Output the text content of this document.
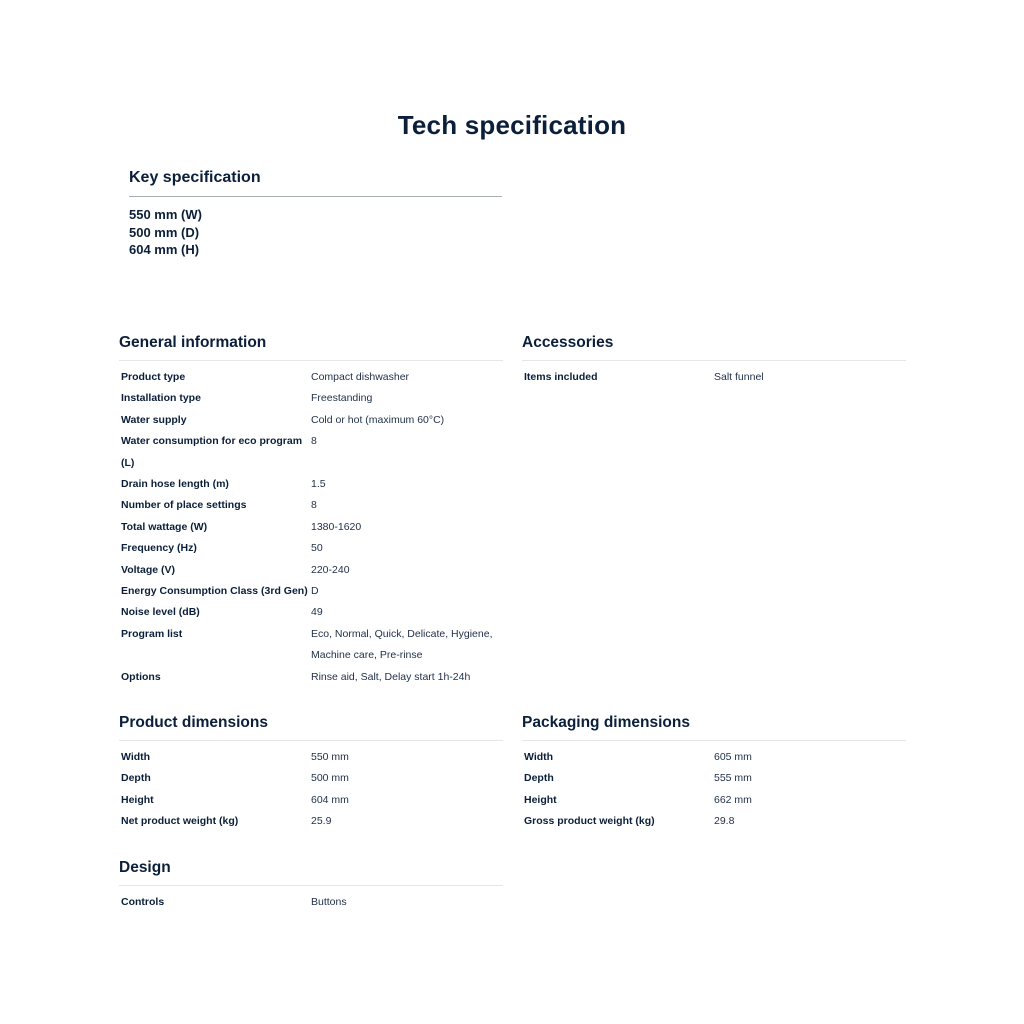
Tech specification
Key specification
550 mm (W)
500 mm (D)
604 mm (H)
General information
Product type	Compact dishwasher
Installation type	Freestanding
Water supply	Cold or hot (maximum 60°C)
Water consumption for eco program (L)	8
Drain hose length (m)	1.5
Number of place settings	8
Total wattage (W)	1380-1620
Frequency (Hz)	50
Voltage (V)	220-240
Energy Consumption Class (3rd Gen)	D
Noise level (dB)	49
Program list	Eco, Normal, Quick, Delicate, Hygiene, Machine care, Pre-rinse
Options	Rinse aid, Salt, Delay start 1h-24h
Accessories
Items included	Salt funnel
Product dimensions
Width	550 mm
Depth	500 mm
Height	604 mm
Net product weight (kg)	25.9
Packaging dimensions
Width	605 mm
Depth	555 mm
Height	662 mm
Gross product weight (kg)	29.8
Design
Controls	Buttons
